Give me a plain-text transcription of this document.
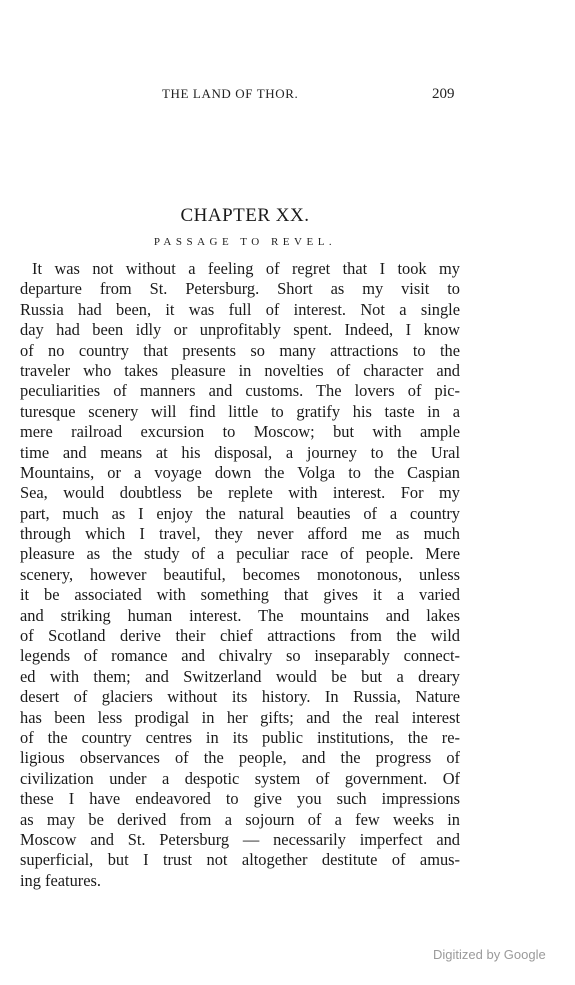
THE LAND OF THOR.	209
CHAPTER XX.
PASSAGE TO REVEL.
It was not without a feeling of regret that I took my
departure from St. Petersburg. Short as my visit to
Russia had been, it was full of interest. Not a single
day had been idly or unprofitably spent. Indeed, I know
of no country that presents so many attractions to the
traveler who takes pleasure in novelties of character and
peculiarities of manners and customs. The lovers of pic-
turesque scenery will find little to gratify his taste in a
mere railroad excursion to Moscow; but with ample
time and means at his disposal, a journey to the Ural
Mountains, or a voyage down the Volga to the Caspian
Sea, would doubtless be replete with interest. For my
part, much as I enjoy the natural beauties of a country
through which I travel, they never afford me as much
pleasure as the study of a peculiar race of people. Mere
scenery, however beautiful, becomes monotonous, unless
it be associated with something that gives it a varied
and striking human interest. The mountains and lakes
of Scotland derive their chief attractions from the wild
legends of romance and chivalry so inseparably connect-
ed with them; and Switzerland would be but a dreary
desert of glaciers without its history. In Russia, Nature
has been less prodigal in her gifts; and the real interest
of the country centres in its public institutions, the re-
ligious observances of the people, and the progress of
civilization under a despotic system of government. Of
these I have endeavored to give you such impressions
as may be derived from a sojourn of a few weeks in
Moscow and St. Petersburg — necessarily imperfect and
superficial, but I trust not altogether destitute of amus-
ing features.
Digitized by Google
